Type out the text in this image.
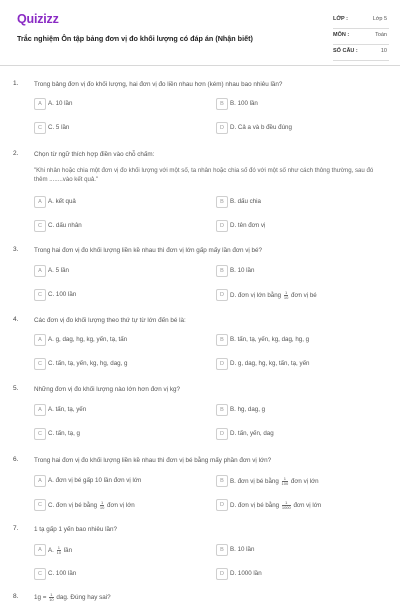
Quizizz
Trắc nghiệm Ôn tập bảng đơn vị đo khối lượng có đáp án (Nhận biết)
LỚP :	Lớp 5
MÔN :	Toán
SỐ CÂU :	10
1. Trong bảng đơn vị đo khối lượng, hai đơn vị đo liền nhau hơn (kém) nhau bao nhiêu lần?
A A. 10 lần	B B. 100 lần
C C. 5 lần	D D. Cả a và b đều đúng
2. Chọn từ ngữ thích hợp điền vào chỗ chấm:
"Khi nhân hoặc chia một đơn vị đo khối lượng với một số, ta nhân hoặc chia số đó với một số như cách thông thường, sau đó thêm ........vào kết quả."
A A. kết quả	B B. dấu chia
C C. dấu nhân	D D. tên đơn vị
3. Trong hai đơn vị đo khối lượng liền kề nhau thì đơn vị lớn gấp mấy lần đơn vị bé?
A A. 5 lần	B B. 10 lần
C C. 100 lần	D D. đơn vị lớn bằng $\frac{1}{10}$ đơn vị bé
4. Các đơn vị đo khối lượng theo thứ tự từ lớn đến bé là:
A A. g, dag, hg, kg, yến, tạ, tấn	B B. tấn, tạ, yến, kg, dag, hg, g
C C. tấn, tạ, yến, kg, hg, dag, g	D D. g, dag, hg, kg, tấn, tạ, yến
5. Những đơn vị đo khối lượng nào lớn hơn đơn vị kg?
A A. tấn, tạ, yến	B B. hg, dag, g
C C. tấn, tạ, g	D D. tấn, yến, dag
6. Trong hai đơn vị đo khối lượng liền kề nhau thì đơn vị bé bằng mấy phần đơn vị lớn?
A A. đơn vị bé gấp 10 lần đơn vị lớn	B B. đơn vị bé bằng $\frac{1}{100}$ đơn vị lớn
C C. đơn vị bé bằng $\frac{1}{10}$ đơn vị lớn	D D. đơn vị bé bằng $\frac{1}{1000}$ đơn vị lớn
7. 1 tạ gấp 1 yến bao nhiêu lần?
A A. $\frac{1}{10}$ lần	B B. 10 lần
C C. 100 lần	D D. 1000 lần
8. $1g = \frac{1}{10}$ dag. Đúng hay sai?
